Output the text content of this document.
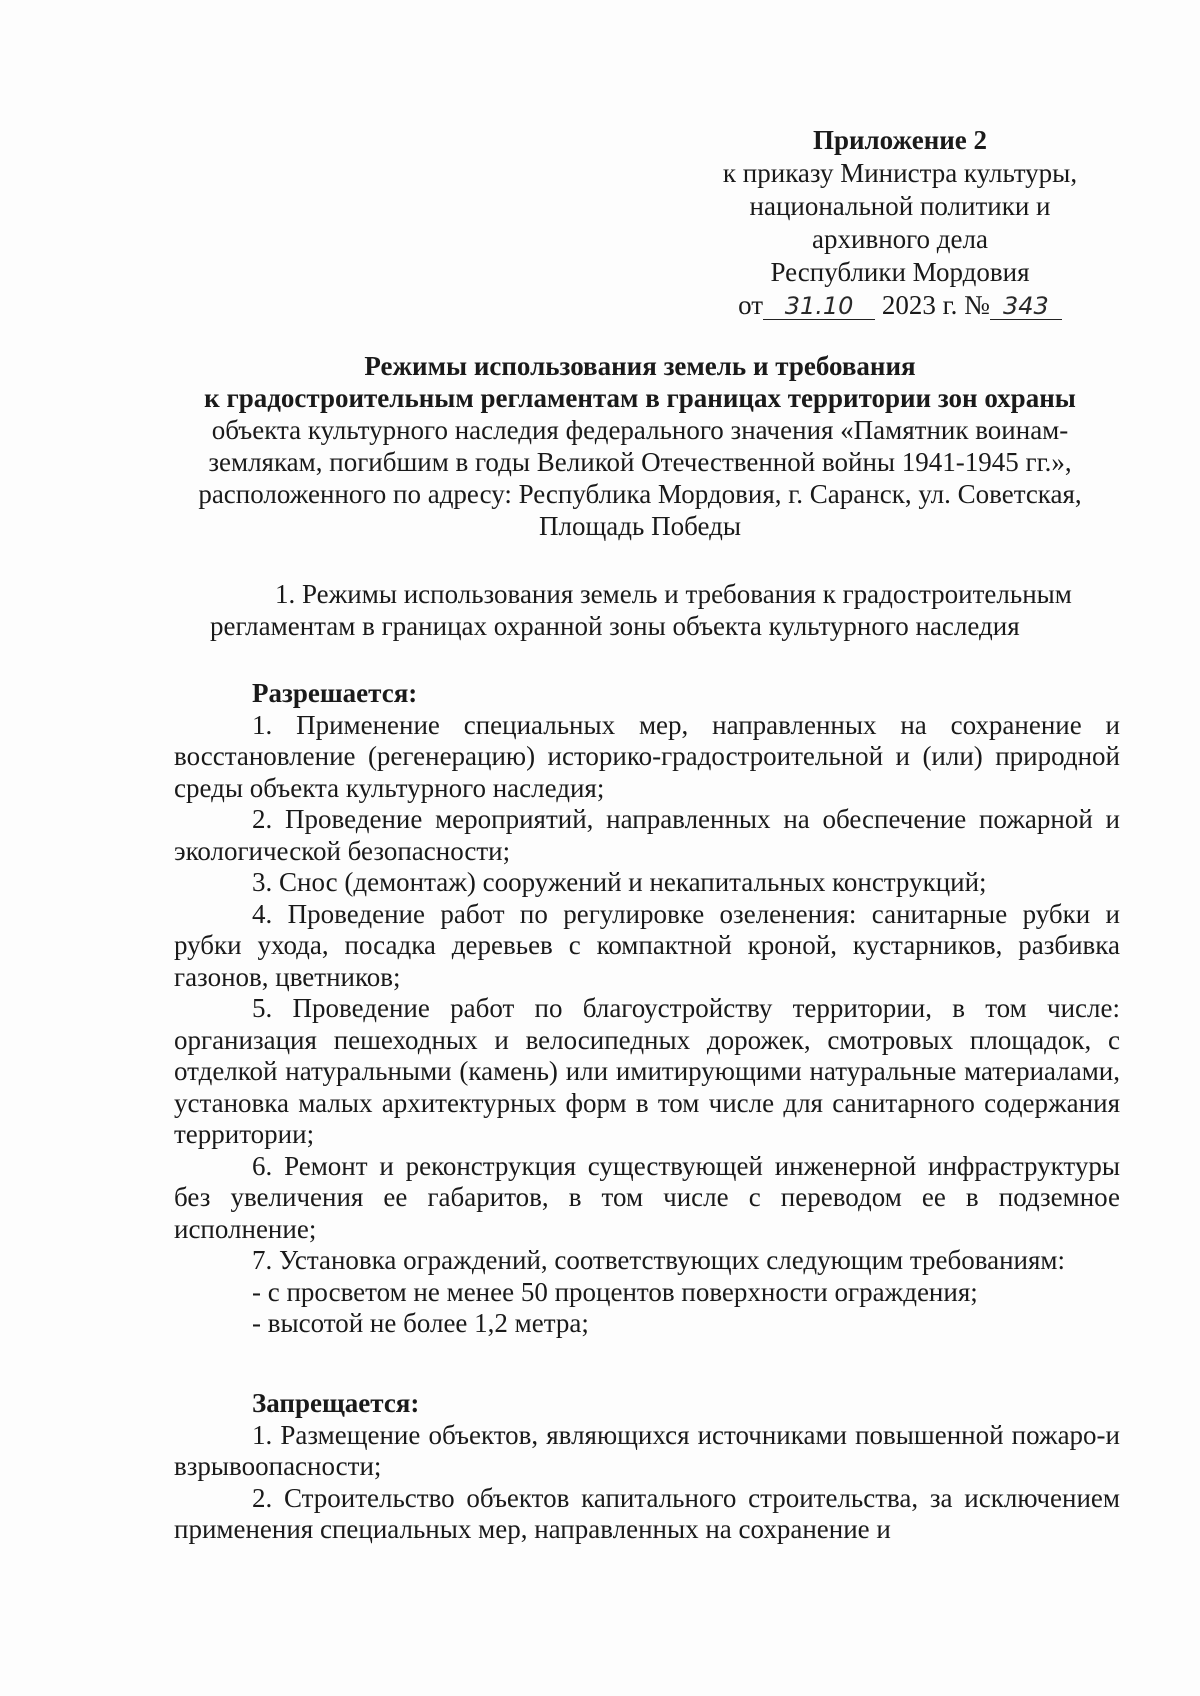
Приложение 2
к приказу Министра культуры,
национальной политики и
архивного дела
Республики Мордовия
от 31.10 2023 г. № 343
Режимы использования земель и требования
к градостроительным регламентам в границах территории зон охраны
объекта культурного наследия федерального значения «Памятник воинам-землякам, погибшим в годы Великой Отечественной войны 1941-1945 гг.», расположенного по адресу: Республика Мордовия, г. Саранск, ул. Советская, Площадь Победы
1. Режимы использования земель и требования к градостроительным регламентам в границах охранной зоны объекта культурного наследия
Разрешается:

1. Применение специальных мер, направленных на сохранение и восстановление (регенерацию) историко-градостроительной и (или) природной среды объекта культурного наследия;

2. Проведение мероприятий, направленных на обеспечение пожарной и экологической безопасности;

3. Снос (демонтаж) сооружений и некапитальных конструкций;

4. Проведение работ по регулировке озеленения: санитарные рубки и рубки ухода, посадка деревьев с компактной кроной, кустарников, разбивка газонов, цветников;

5. Проведение работ по благоустройству территории, в том числе: организация пешеходных и велосипедных дорожек, смотровых площадок, с отделкой натуральными (камень) или имитирующими натуральные материалами, установка малых архитектурных форм в том числе для санитарного содержания территории;

6. Ремонт и реконструкция существующей инженерной инфраструктуры без увеличения ее габаритов, в том числе с переводом ее в подземное исполнение;

7. Установка ограждений, соответствующих следующим требованиям:

- с просветом не менее 50 процентов поверхности ограждения;
- высотой не более 1,2 метра;
Запрещается:

1. Размещение объектов, являющихся источниками повышенной пожаро-и взрывоопасности;

2. Строительство объектов капитального строительства, за исключением применения специальных мер, направленных на сохранение и
